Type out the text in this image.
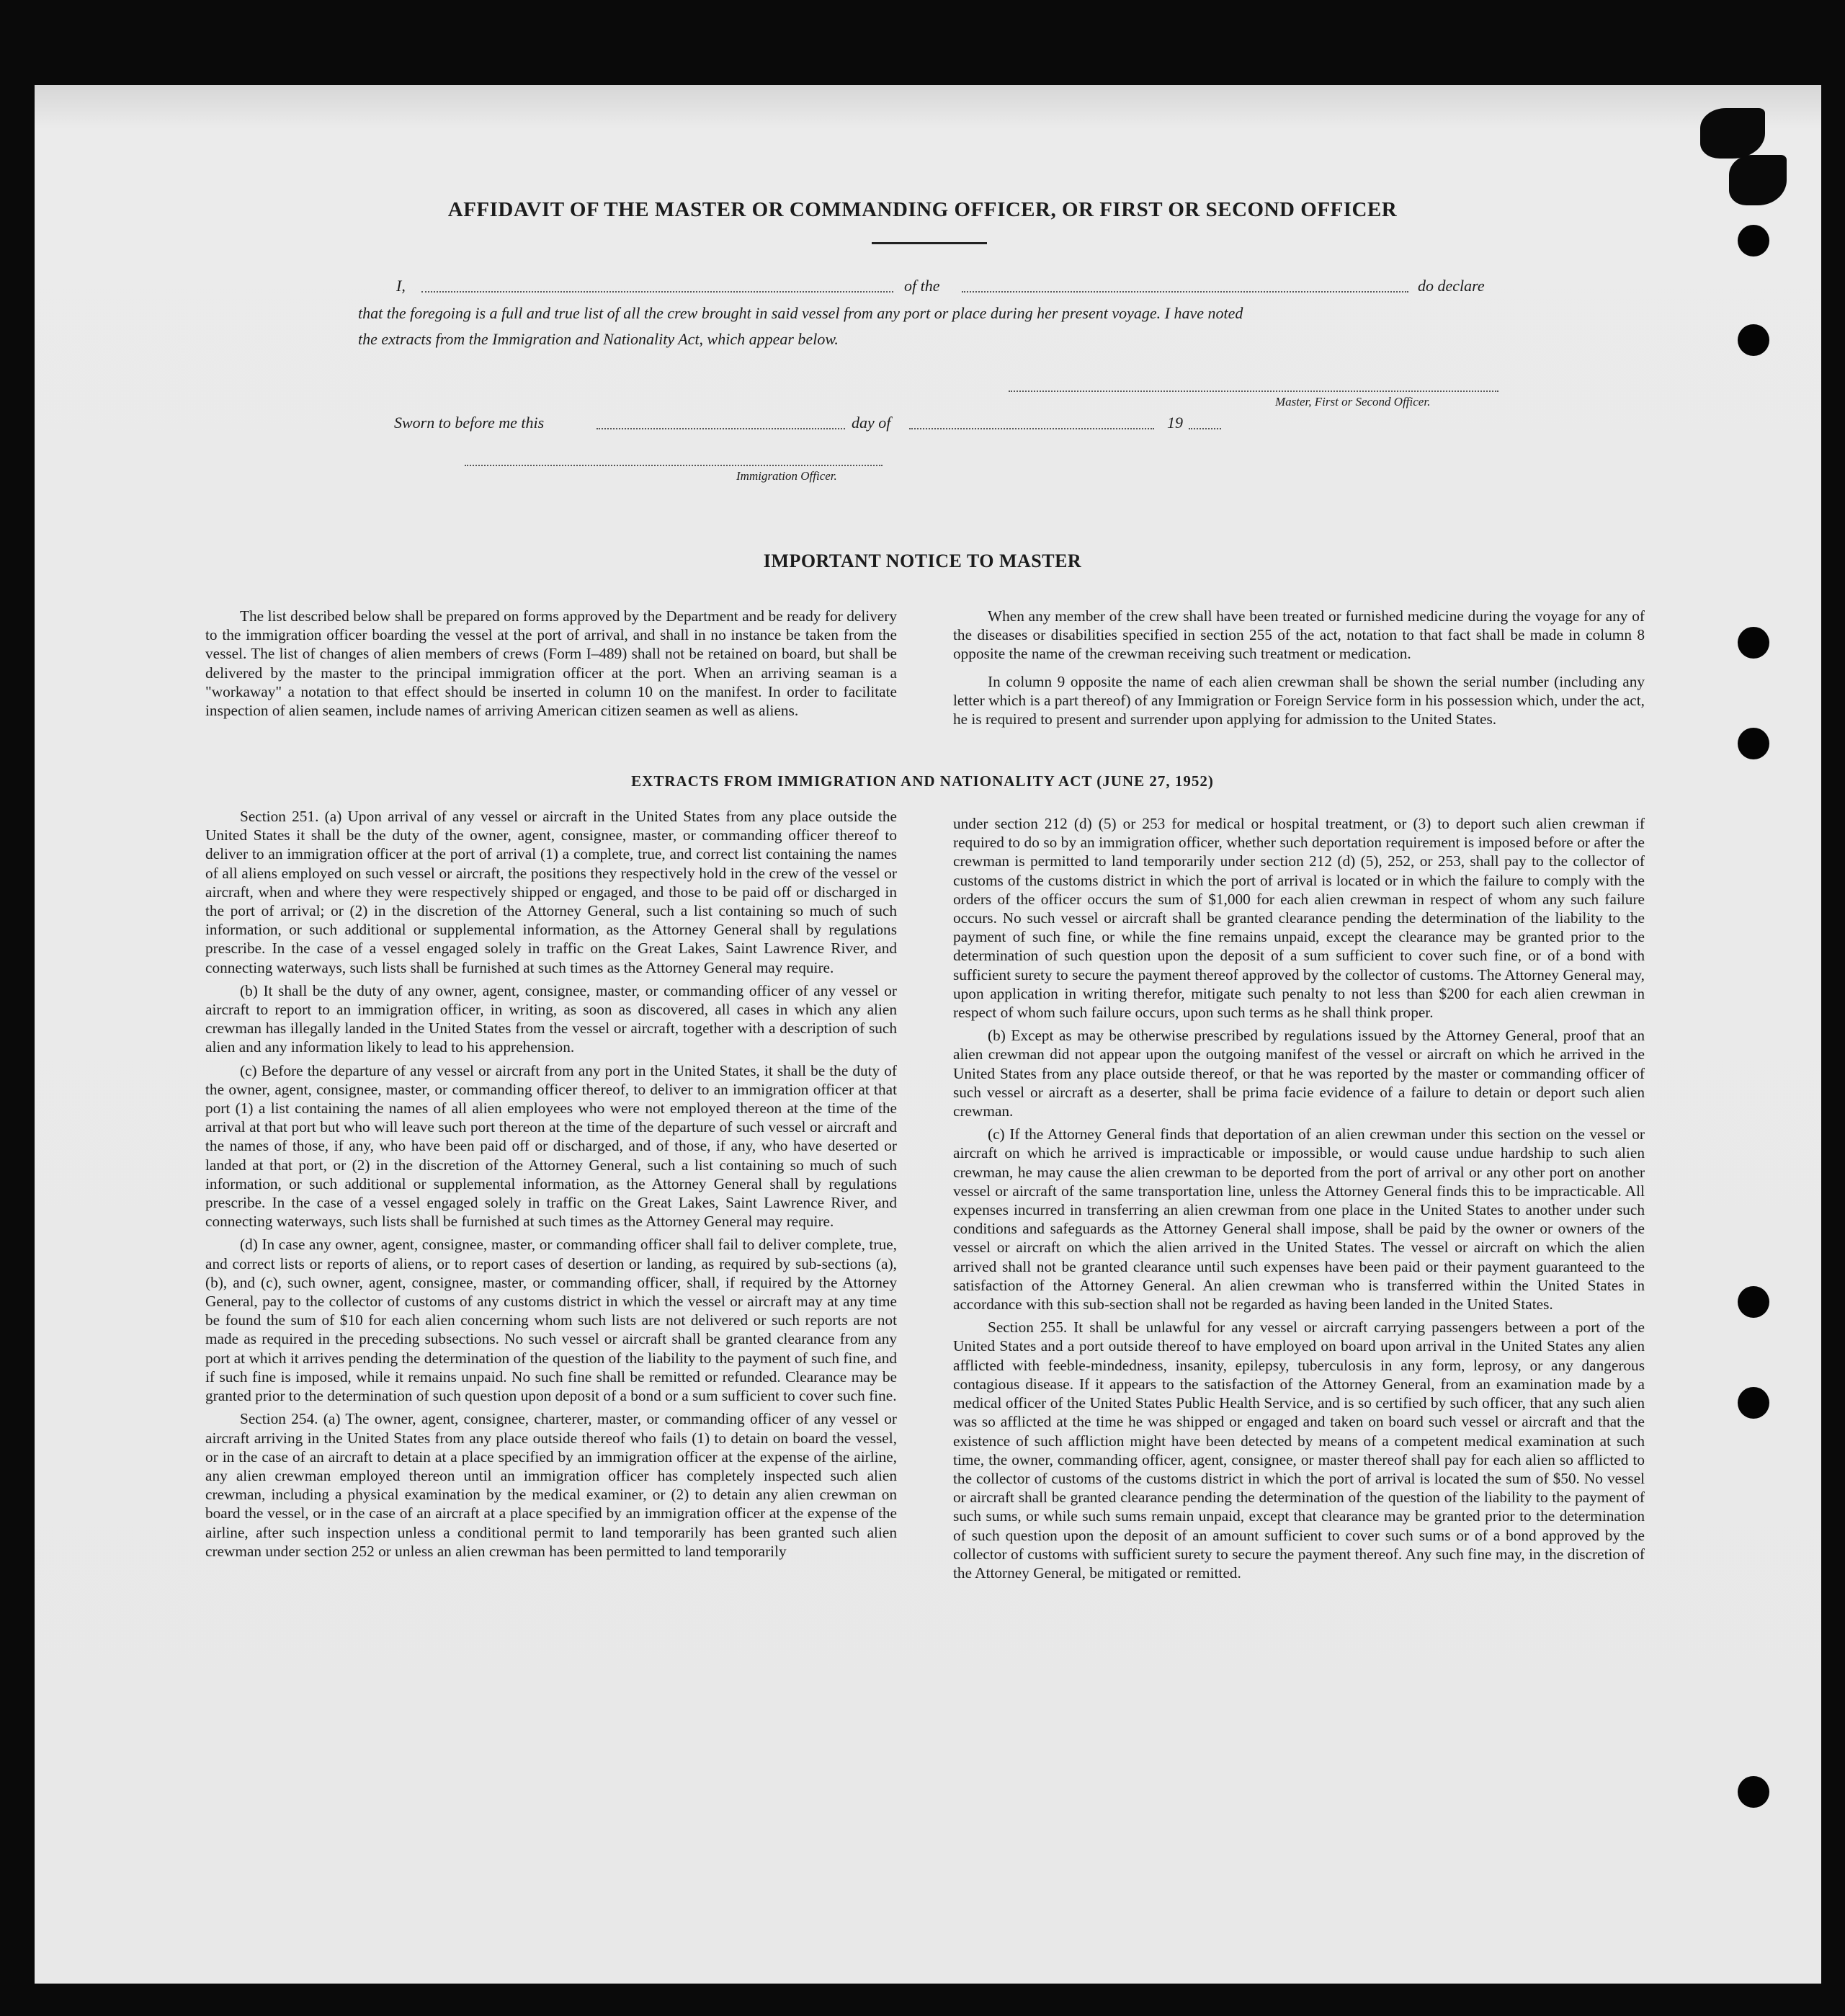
AFFIDAVIT OF THE MASTER OR COMMANDING OFFICER, OR FIRST OR SECOND OFFICER
I,	of the	do declare
that the foregoing is a full and true list of all the crew brought in said vessel from any port or place during her present voyage. I have noted
the extracts from the Immigration and Nationality Act, which appear below.
Master, First or Second Officer.
Sworn to before me this	day of	19
Immigration Officer.
IMPORTANT NOTICE TO MASTER

The list described below shall be prepared on forms approved by the Department and be ready for delivery to the immigration officer boarding the vessel at the port of arrival, and shall in no instance be taken from the vessel. The list of changes of alien members of crews (Form I–489) shall not be retained on board, but shall be delivered by the master to the principal immigration officer at the port. When an arriving seaman is a "workaway" a notation to that effect should be inserted in column 10 on the manifest. In order to facilitate inspection of alien seamen, include names of arriving American citizen seamen as well as aliens.

When any member of the crew shall have been treated or furnished medicine during the voyage for any of the diseases or disabilities specified in section 255 of the act, notation to that fact shall be made in column 8 opposite the name of the crewman receiving such treatment or medication.

In column 9 opposite the name of each alien crewman shall be shown the serial number (including any letter which is a part thereof) of any Immigration or Foreign Service form in his possession which, under the act, he is required to present and surrender upon applying for admission to the United States.

EXTRACTS FROM IMMIGRATION AND NATIONALITY ACT (JUNE 27, 1952)

Section 251. (a) Upon arrival of any vessel or aircraft in the United States from any place outside the United States it shall be the duty of the owner, agent, consignee, master, or commanding officer thereof to deliver to an immigration officer at the port of arrival (1) a complete, true, and correct list containing the names of all aliens employed on such vessel or aircraft, the positions they respectively hold in the crew of the vessel or aircraft, when and where they were respectively shipped or engaged, and those to be paid off or discharged in the port of arrival; or (2) in the discretion of the Attorney General, such a list containing so much of such information, or such additional or supplemental information, as the Attorney General shall by regulations prescribe. In the case of a vessel engaged solely in traffic on the Great Lakes, Saint Lawrence River, and connecting waterways, such lists shall be furnished at such times as the Attorney General may require.

(b) It shall be the duty of any owner, agent, consignee, master, or commanding officer of any vessel or aircraft to report to an immigration officer, in writing, as soon as discovered, all cases in which any alien crewman has illegally landed in the United States from the vessel or aircraft, together with a description of such alien and any information likely to lead to his apprehension.

(c) Before the departure of any vessel or aircraft from any port in the United States, it shall be the duty of the owner, agent, consignee, master, or commanding officer thereof, to deliver to an immigration officer at that port (1) a list containing the names of all alien employees who were not employed thereon at the time of the arrival at that port but who will leave such port thereon at the time of the departure of such vessel or aircraft and the names of those, if any, who have been paid off or discharged, and of those, if any, who have deserted or landed at that port, or (2) in the discretion of the Attorney General, such a list containing so much of such information, or such additional or supplemental information, as the Attorney General shall by regulations prescribe. In the case of a vessel engaged solely in traffic on the Great Lakes, Saint Lawrence River, and connecting waterways, such lists shall be furnished at such times as the Attorney General may require.

(d) In case any owner, agent, consignee, master, or commanding officer shall fail to deliver complete, true, and correct lists or reports of aliens, or to report cases of desertion or landing, as required by sub-sections (a), (b), and (c), such owner, agent, consignee, master, or commanding officer, shall, if required by the Attorney General, pay to the collector of customs of any customs district in which the vessel or aircraft may at any time be found the sum of $10 for each alien concerning whom such lists are not delivered or such reports are not made as required in the preceding subsections. No such vessel or aircraft shall be granted clearance from any port at which it arrives pending the determination of the question of the liability to the payment of such fine, and if such fine is imposed, while it remains unpaid. No such fine shall be remitted or refunded. Clearance may be granted prior to the determination of such question upon deposit of a bond or a sum sufficient to cover such fine.

Section 254. (a) The owner, agent, consignee, charterer, master, or commanding officer of any vessel or aircraft arriving in the United States from any place outside thereof who fails (1) to detain on board the vessel, or in the case of an aircraft to detain at a place specified by an immigration officer at the expense of the airline, any alien crewman employed thereon until an immigration officer has completely inspected such alien crewman, including a physical examination by the medical examiner, or (2) to detain any alien crewman on board the vessel, or in the case of an aircraft at a place specified by an immigration officer at the expense of the airline, after such inspection unless a conditional permit to land temporarily has been granted such alien crewman under section 252 or unless an alien crewman has been permitted to land temporarily

under section 212 (d) (5) or 253 for medical or hospital treatment, or (3) to deport such alien crewman if required to do so by an immigration officer, whether such deportation requirement is imposed before or after the crewman is permitted to land temporarily under section 212 (d) (5), 252, or 253, shall pay to the collector of customs of the customs district in which the port of arrival is located or in which the failure to comply with the orders of the officer occurs the sum of $1,000 for each alien crewman in respect of whom any such failure occurs. No such vessel or aircraft shall be granted clearance pending the determination of the liability to the payment of such fine, or while the fine remains unpaid, except the clearance may be granted prior to the determination of such question upon the deposit of a sum sufficient to cover such fine, or of a bond with sufficient surety to secure the payment thereof approved by the collector of customs. The Attorney General may, upon application in writing therefor, mitigate such penalty to not less than $200 for each alien crewman in respect of whom such failure occurs, upon such terms as he shall think proper.

(b) Except as may be otherwise prescribed by regulations issued by the Attorney General, proof that an alien crewman did not appear upon the outgoing manifest of the vessel or aircraft on which he arrived in the United States from any place outside thereof, or that he was reported by the master or commanding officer of such vessel or aircraft as a deserter, shall be prima facie evidence of a failure to detain or deport such alien crewman.

(c) If the Attorney General finds that deportation of an alien crewman under this section on the vessel or aircraft on which he arrived is impracticable or impossible, or would cause undue hardship to such alien crewman, he may cause the alien crewman to be deported from the port of arrival or any other port on another vessel or aircraft of the same transportation line, unless the Attorney General finds this to be impracticable. All expenses incurred in transferring an alien crewman from one place in the United States to another under such conditions and safeguards as the Attorney General shall impose, shall be paid by the owner or owners of the vessel or aircraft on which the alien arrived in the United States. The vessel or aircraft on which the alien arrived shall not be granted clearance until such expenses have been paid or their payment guaranteed to the satisfaction of the Attorney General. An alien crewman who is transferred within the United States in accordance with this sub-section shall not be regarded as having been landed in the United States.

Section 255. It shall be unlawful for any vessel or aircraft carrying passengers between a port of the United States and a port outside thereof to have employed on board upon arrival in the United States any alien afflicted with feeble-mindedness, insanity, epilepsy, tuberculosis in any form, leprosy, or any dangerous contagious disease. If it appears to the satisfaction of the Attorney General, from an examination made by a medical officer of the United States Public Health Service, and is so certified by such officer, that any such alien was so afflicted at the time he was shipped or engaged and taken on board such vessel or aircraft and that the existence of such affliction might have been detected by means of a competent medical examination at such time, the owner, commanding officer, agent, consignee, or master thereof shall pay for each alien so afflicted to the collector of customs of the customs district in which the port of arrival is located the sum of $50. No vessel or aircraft shall be granted clearance pending the determination of the question of the liability to the payment of such sums, or while such sums remain unpaid, except that clearance may be granted prior to the determination of such question upon the deposit of an amount sufficient to cover such sums or of a bond approved by the collector of customs with sufficient surety to secure the payment thereof. Any such fine may, in the discretion of the Attorney General, be mitigated or remitted.
